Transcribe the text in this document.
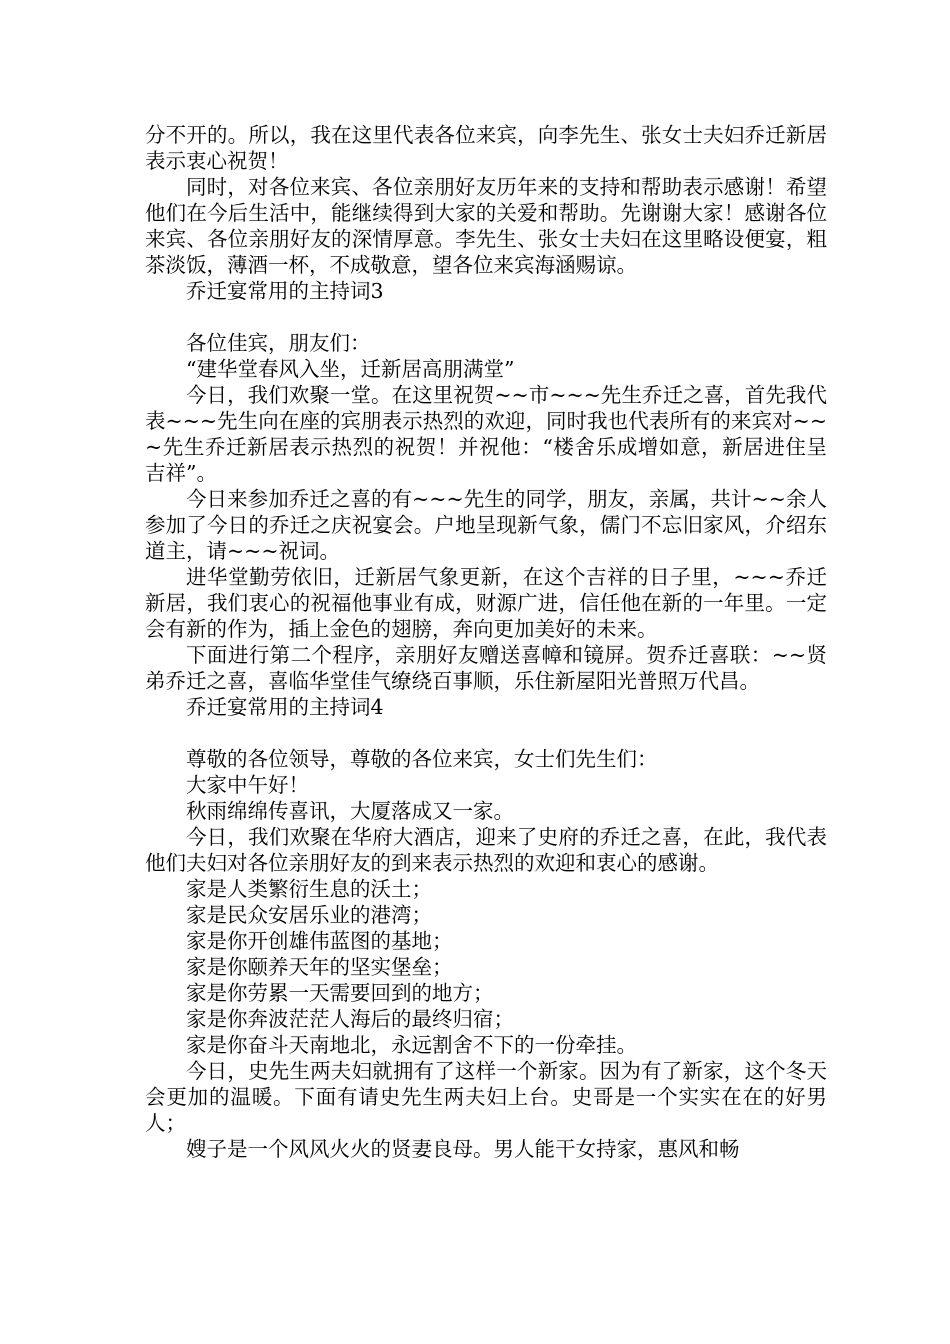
分不开的。所以，我在这里代表各位来宾，向李先生、张女士夫妇乔迁新居表示衷心祝贺！

同时，对各位来宾、各位亲朋好友历年来的支持和帮助表示感谢！希望他们在今后生活中，能继续得到大家的关爱和帮助。先谢谢大家！感谢各位来宾、各位亲朋好友的深情厚意。李先生、张女士夫妇在这里略设便宴，粗茶淡饭，薄酒一杯，不成敬意，望各位来宾海涵赐谅。

乔迁宴常用的主持词3

各位佳宾，朋友们：

“建华堂春风入坐，迁新居高朋满堂”

今日，我们欢聚一堂。在这里祝贺~~市~~~先生乔迁之喜，首先我代表~~~先生向在座的宾朋表示热烈的欢迎，同时我也代表所有的来宾对~~~先生乔迁新居表示热烈的祝贺！并祝他：“楼舍乐成增如意，新居进住呈吉祥”。

今日来参加乔迁之喜的有~~~先生的同学，朋友，亲属，共计~~余人参加了今日的乔迁之庆祝宴会。户地呈现新气象，儒门不忘旧家风，介绍东道主，请~~~祝词。

进华堂勤劳依旧，迁新居气象更新，在这个吉祥的日子里，~~~乔迁新居，我们衷心的祝福他事业有成，财源广进，信任他在新的一年里。一定会有新的作为，插上金色的翅膀，奔向更加美好的未来。

下面进行第二个程序，亲朋好友赠送喜幛和镜屏。贺乔迁喜联：~~贤弟乔迁之喜，喜临华堂佳气缭绕百事顺，乐住新屋阳光普照万代昌。

乔迁宴常用的主持词4

尊敬的各位领导，尊敬的各位来宾，女士们先生们：

大家中午好！

秋雨绵绵传喜讯，大厦落成又一家。

今日，我们欢聚在华府大酒店，迎来了史府的乔迁之喜，在此，我代表他们夫妇对各位亲朋好友的到来表示热烈的欢迎和衷心的感谢。

家是人类繁衍生息的沃土；

家是民众安居乐业的港湾；

家是你开创雄伟蓝图的基地；

家是你颐养天年的坚实堡垒；

家是你劳累一天需要回到的地方；

家是你奔波茫茫人海后的最终归宿；

家是你奋斗天南地北，永远割舍不下的一份牵挂。

今日，史先生两夫妇就拥有了这样一个新家。因为有了新家，这个冬天会更加的温暖。下面有请史先生两夫妇上台。史哥是一个实实在在的好男人；

嫂子是一个风风火火的贤妻良母。男人能干女持家，惠风和畅
